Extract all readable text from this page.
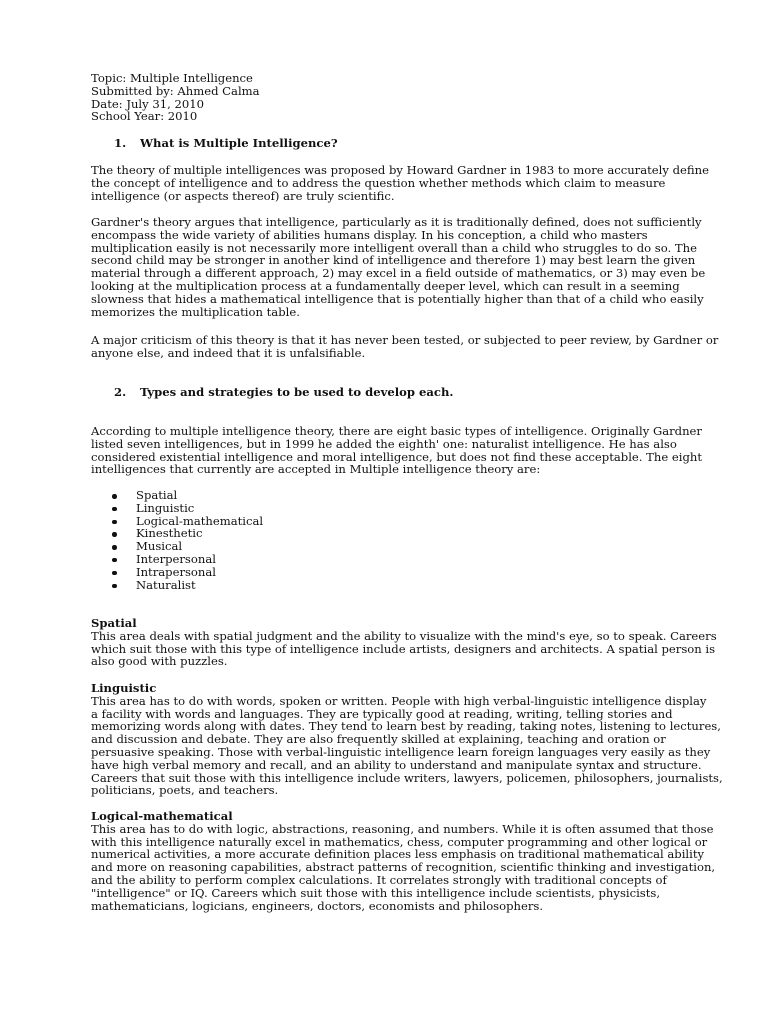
Topic: Multiple Intelligence
Submitted by: Ahmed Calma
Date: July 31, 2010
School Year: 2010
1. What is Multiple Intelligence?
The theory of multiple intelligences was proposed by Howard Gardner in 1983 to more accurately define
the concept of intelligence and to address the question whether methods which claim to measure
intelligence (or aspects thereof) are truly scientific.
Gardner's theory argues that intelligence, particularly as it is traditionally defined, does not sufficiently
encompass the wide variety of abilities humans display. In his conception, a child who masters
multiplication easily is not necessarily more intelligent overall than a child who struggles to do so. The
second child may be stronger in another kind of intelligence and therefore 1) may best learn the given
material through a different approach, 2) may excel in a field outside of mathematics, or 3) may even be
looking at the multiplication process at a fundamentally deeper level, which can result in a seeming
slowness that hides a mathematical intelligence that is potentially higher than that of a child who easily
memorizes the multiplication table.
A major criticism of this theory is that it has never been tested, or subjected to peer review, by Gardner or
anyone else, and indeed that it is unfalsifiable.
2. Types and strategies to be used to develop each.
According to multiple intelligence theory, there are eight basic types of intelligence. Originally Gardner
listed seven intelligences, but in 1999 he added the eighth' one: naturalist intelligence. He has also
considered existential intelligence and moral intelligence, but does not find these acceptable. The eight
intelligences that currently are accepted in Multiple intelligence theory are:
Spatial
Linguistic
Logical-mathematical
Kinesthetic
Musical
Interpersonal
Intrapersonal
Naturalist
Spatial
This area deals with spatial judgment and the ability to visualize with the mind's eye, so to speak. Careers
which suit those with this type of intelligence include artists, designers and architects. A spatial person is
also good with puzzles.
Linguistic
This area has to do with words, spoken or written. People with high verbal-linguistic intelligence display
a facility with words and languages. They are typically good at reading, writing, telling stories and
memorizing words along with dates. They tend to learn best by reading, taking notes, listening to lectures,
and discussion and debate. They are also frequently skilled at explaining, teaching and oration or
persuasive speaking. Those with verbal-linguistic intelligence learn foreign languages very easily as they
have high verbal memory and recall, and an ability to understand and manipulate syntax and structure.
Careers that suit those with this intelligence include writers, lawyers, policemen, philosophers, journalists,
politicians, poets, and teachers.
Logical-mathematical
This area has to do with logic, abstractions, reasoning, and numbers. While it is often assumed that those
with this intelligence naturally excel in mathematics, chess, computer programming and other logical or
numerical activities, a more accurate definition places less emphasis on traditional mathematical ability
and more on reasoning capabilities, abstract patterns of recognition, scientific thinking and investigation,
and the ability to perform complex calculations. It correlates strongly with traditional concepts of
"intelligence" or IQ. Careers which suit those with this intelligence include scientists, physicists,
mathematicians, logicians, engineers, doctors, economists and philosophers.
